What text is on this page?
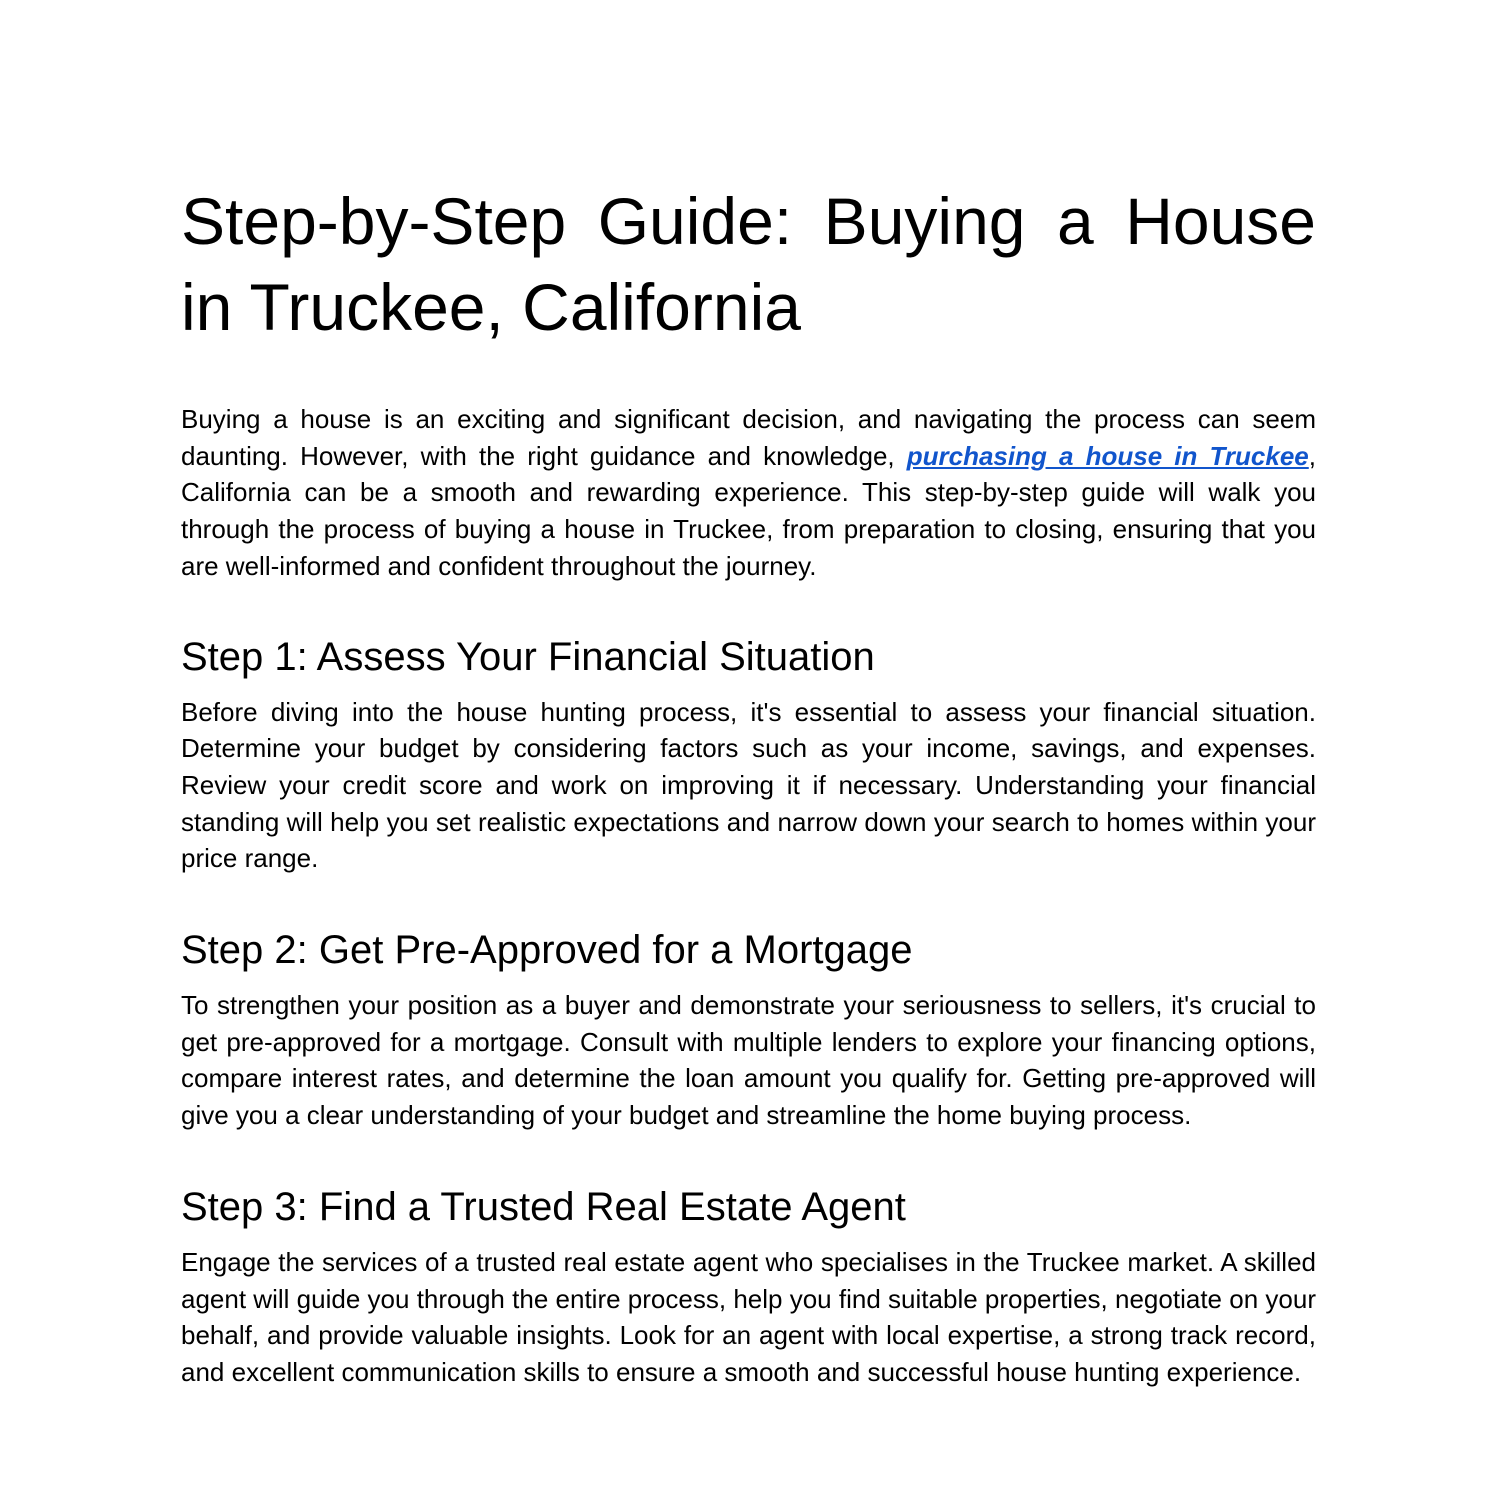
Step-by-Step Guide: Buying a House in Truckee, California

Buying a house is an exciting and significant decision, and navigating the process can seem daunting. However, with the right guidance and knowledge, purchasing a house in Truckee, California can be a smooth and rewarding experience. This step-by-step guide will walk you through the process of buying a house in Truckee, from preparation to closing, ensuring that you are well-informed and confident throughout the journey.

Step 1: Assess Your Financial Situation

Before diving into the house hunting process, it's essential to assess your financial situation. Determine your budget by considering factors such as your income, savings, and expenses. Review your credit score and work on improving it if necessary. Understanding your financial standing will help you set realistic expectations and narrow down your search to homes within your price range.

Step 2: Get Pre-Approved for a Mortgage

To strengthen your position as a buyer and demonstrate your seriousness to sellers, it's crucial to get pre-approved for a mortgage. Consult with multiple lenders to explore your financing options, compare interest rates, and determine the loan amount you qualify for. Getting pre-approved will give you a clear understanding of your budget and streamline the home buying process.

Step 3: Find a Trusted Real Estate Agent

Engage the services of a trusted real estate agent who specialises in the Truckee market. A skilled agent will guide you through the entire process, help you find suitable properties, negotiate on your behalf, and provide valuable insights. Look for an agent with local expertise, a strong track record, and excellent communication skills to ensure a smooth and successful house hunting experience.
